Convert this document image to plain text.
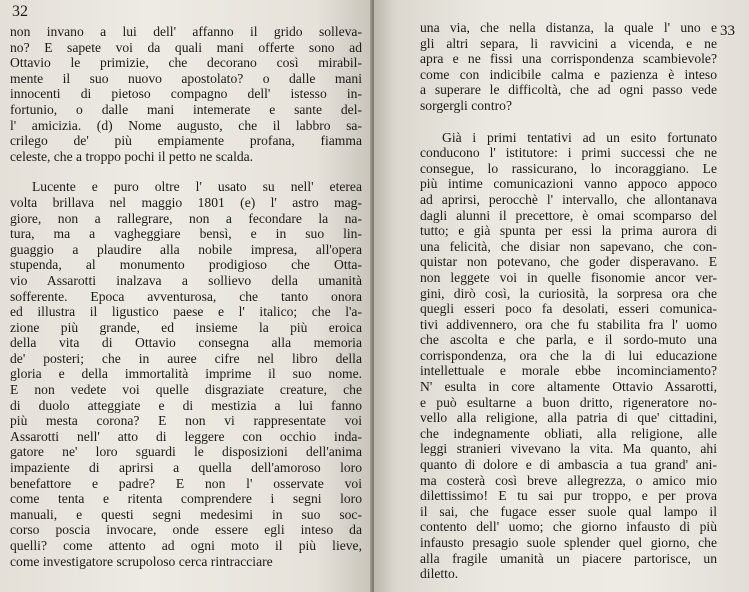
32
non invano a lui dell' affanno il grido solleva-
no? E sapete voi da quali mani offerte sono ad
Ottavio le primizie, che decorano così mirabil-
mente il suo nuovo apostolato? o dalle mani
innocenti di pietoso compagno dell' istesso in-
fortunio, o dalle mani intemerate e sante del-
l' amicizia. (d) Nome augusto, che il labbro sa-
crilego de' più empiamente profana, fiamma
celeste, che a troppo pochi il petto ne scalda.
Lucente e puro oltre l' usato su nell' eterea
volta brillava nel maggio 1801 (e) l' astro mag-
giore, non a rallegrare, non a fecondare la na-
tura, ma a vagheggiare bensì, e in suo lin-
guaggio a plaudire alla nobile impresa, all'opera
stupenda, al monumento prodigioso che Otta-
vio Assarotti inalzava a sollievo della umanità
sofferente. Epoca avventurosa, che tanto onora
ed illustra il ligustico paese e l' italico; che l'a-
zione più grande, ed insieme la più eroica
della vita di Ottavio consegna alla memoria
de' posteri; che in auree cifre nel libro della
gloria e della immortalità imprime il suo nome.
E non vedete voi quelle disgraziate creature, che
di duolo atteggiate e di mestizia a lui fanno
più mesta corona? E non vi rappresentate voi
Assarotti nell' atto di leggere con occhio inda-
gatore ne' loro sguardi le disposizioni dell'anima
impaziente di aprirsi a quella dell'amoroso loro
benefattore e padre? E non l' osservate voi
come tenta e ritenta comprendere i segni loro
manuali, e questi segni medesimi in suo soc-
corso poscia invocare, onde essere egli inteso da
quelli? come attento ad ogni moto il più lieve,
come investigatore scrupoloso cerca rintracciare
33
una via, che nella distanza, la quale l' uno e
gli altri separa, li ravvicini a vicenda, e ne
apra e ne fissi una corrispondenza scambievole?
come con indicibile calma e pazienza è inteso
a superare le difficoltà, che ad ogni passo vede
sorgergli contro?
Già i primi tentativi ad un esito fortunato
conducono l' istitutore: i primi successi che ne
consegue, lo rassicurano, lo incoraggiano. Le
più intime comunicazioni vanno appoco appoco
ad aprirsi, perocchè l' intervallo, che allontanava
dagli alunni il precettore, è omai scomparso del
tutto; e già spunta per essi la prima aurora di
una felicità, che disiar non sapevano, che con-
quistar non potevano, che goder disperavano. E
non leggete voi in quelle fisonomie ancor ver-
gini, dirò così, la curiosità, la sorpresa ora che
quegli esseri poco fa desolati, esseri comunica-
tivi addivennero, ora che fu stabilita fra l' uomo
che ascolta e che parla, e il sordo-muto una
corrispondenza, ora che la di lui educazione
intellettuale e morale ebbe incominciamento?
N' esulta in core altamente Ottavio Assarotti,
e può esultarne a buon dritto, rigeneratore no-
vello alla religione, alla patria di que' cittadini,
che indegnamente obliati, alla religione, alle
leggi stranieri vivevano la vita. Ma quanto, ahi
quanto di dolore e di ambascia a tua grand' ani-
ma costerà così breve allegrezza, o amico mio
dilettissimo! E tu sai pur troppo, e per prova
il sai, che fugace esser suole qual lampo il
contento dell' uomo; che giorno infausto di più
infausto presagio suole splender quel giorno, che
alla fragile umanità un piacere partorisce, un
diletto.
